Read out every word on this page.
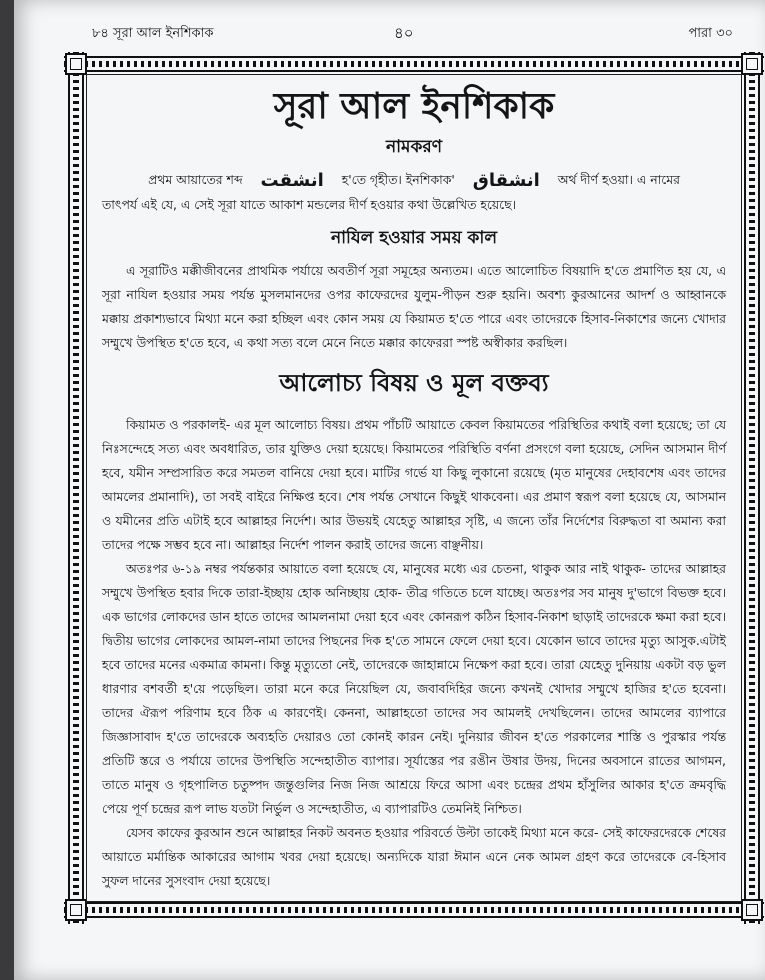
৮৪ সূরা আল ইনশিকাক	৪০	পারা ৩০
সূরা আল ইনশিকাক
নামকরণ
প্রথম আয়াতের শব্দ انشقت হ'তে গৃহীত। ইনশিকাক' انشقاق অর্থ দীর্ণ হওয়া। এ নামের

তাৎপর্য এই যে, এ সেই সূরা যাতে আকাশ মন্ডলের দীর্ণ হওয়ার কথা উল্লেখিত হয়েছে।

নাযিল হওয়ার সময় কাল

এ সূরাটিও মক্কীজীবনের প্রাথমিক পর্যায়ে অবতীর্ণ সূরা সমূহের অন্যতম। এতে আলোচিত বিষয়াদি হ'তে প্রমাণিত হয় যে, এ সূরা নাযিল হওয়ার সময় পর্যন্ত মুসলমানদের ওপর কাফেরদের যুলুম-পীড়ন শুরু হয়নি। অবশ্য কুরআনের আদর্শ ও আহ্বানকে মক্কায় প্রকাশ্যভাবে মিথ্যা মনে করা হচ্ছিল এবং কোন সময় যে কিয়ামত হ'তে পারে এবং তাদেরকে হিসাব-নিকাশের জন্যে খোদার সম্মুখে উপস্থিত হ'তে হবে, এ কথা সত্য বলে মেনে নিতে মক্কার কাফেররা স্পষ্ট অস্বীকার করছিল।

আলোচ্য বিষয় ও মূল বক্তব্য

কিয়ামত ও পরকালই- এর মূল আলোচ্য বিষয়। প্রথম পাঁচটি আয়াতে কেবল কিয়ামতের পরিস্থিতির কথাই বলা হয়েছে; তা যে নিঃসন্দেহে সত্য এবং অবধারিত, তার যুক্তিও দেয়া হয়েছে। কিয়ামতের পরিস্থিতি বর্ণনা প্রসংগে বলা হয়েছে, সেদিন আসমান দীর্ণ হবে, যমীন সম্প্রসারিত করে সমতল বানিয়ে দেয়া হবে। মাটির গর্ভে যা কিছু লুকানো রয়েছে (মৃত মানুষের দেহাবশেষ এবং তাদের আমলের প্রমানাদি), তা সবই বাইরে নিক্ষিপ্ত হবে। শেষ পর্যন্ত সেখানে কিছুই থাকবেনা। এর প্রমাণ স্বরূপ বলা হয়েছে যে, আসমান ও যমীনের প্রতি এটাই হবে আল্লাহর নির্দেশ। আর উভয়ই যেহেতু আল্লাহর সৃষ্টি, এ জন্যে তাঁর নির্দেশের বিরুদ্ধতা বা অমান্য করা তাদের পক্ষে সম্ভব হবে না। আল্লাহর নির্দেশ পালন করাই তাদের জন্যে বাঞ্ছনীয়।

অতঃপর ৬-১৯ নম্বর পর্যন্তকার আয়াতে বলা হয়েছে যে, মানুষের মধ্যে এর চেতনা, থাকুক আর নাই থাকুক- তাদের আল্লাহর সম্মুখে উপস্থিত হবার দিকে তারা-ইচ্ছায় হোক অনিচ্ছায় হোক- তীব্র গতিতে চলে যাচ্ছে। অতঃপর সব মানুষ দু'ভাগে বিভক্ত হবে। এক ভাগের লোকদের ডান হাতে তাদের আমলনামা দেয়া হবে এবং কোনরূপ কঠিন হিসাব-নিকাশ ছাড়াই তাদেরকে ক্ষমা করা হবে। দ্বিতীয় ভাগের লোকদের আমল-নামা তাদের পিছনের দিক হ'তে সামনে ফেলে দেয়া হবে। যেকোন ভাবে তাদের মৃত্যু আসুক.এটাই হবে তাদের মনের একমাত্র কামনা। কিন্তু মৃত্যুতো নেই, তাদেরকে জাহান্নামে নিক্ষেপ করা হবে। তারা যেহেতু দুনিয়ায় একটা বড় ভুল ধারণার বশবর্তী হ'য়ে পড়েছিল। তারা মনে করে নিয়েছিল যে, জবাবদিহির জন্যে কখনই খোদার সম্মুখে হাজির হ'তে হবেনা। তাদের ঐরূপ পরিণাম হবে ঠিক এ কারণেই। কেননা, আল্লাহতো তাদের সব আমলই দেখছিলেন। তাদের আমলের ব্যাপারে জিজ্ঞাসাবাদ হ'তে তাদেরকে অব্যহতি দেয়ারও তো কোনই কারন নেই। দুনিয়ার জীবন হ'তে পরকালের শাস্তি ও পুরস্কার পর্যন্ত প্রতিটি স্তরে ও পর্যায়ে তাদের উপস্থিতি সন্দেহাতীত ব্যাপার। সূর্যাস্তের পর রঙীন উষার উদয়, দিনের অবসানে রাতের আগমন, তাতে মানুষ ও গৃহপালিত চতুষ্পদ জন্তুগুলির নিজ নিজ আশ্রয়ে ফিরে আসা এবং চন্দ্রের প্রথম হাঁসুলির আকার হ'তে ক্রমবৃদ্ধি পেয়ে পূর্ণ চন্দ্রের রূপ লাভ যতটা নির্ভুল ও সন্দেহাতীত, এ ব্যাপারটিও তেমনিই নিশ্চিত।

যেসব কাফের কুরআন শুনে আল্লাহর নিকট অবনত হওয়ার পরিবর্তে উল্টা তাকেই মিথ্যা মনে করে- সেই কাফেরদেরকে শেষের আয়াতে মর্মান্তিক আকারের আগাম খবর দেয়া হয়েছে। অন্যদিকে যারা ঈমান এনে নেক আমল গ্রহণ করে তাদেরকে বে-হিসাব সুফল দানের সুসংবাদ দেয়া হয়েছে।
